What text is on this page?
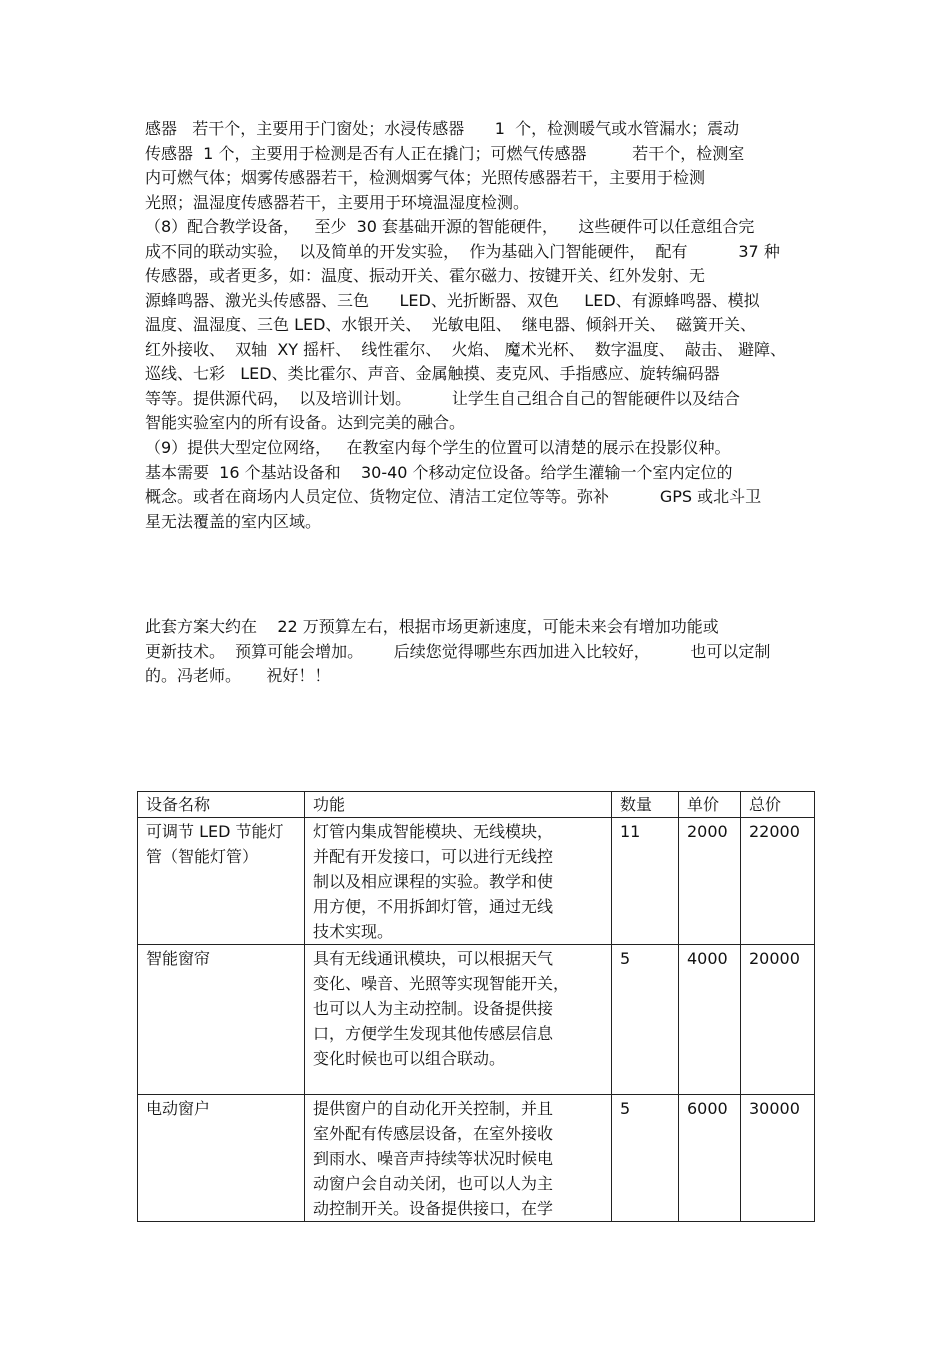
感器   若干个，主要用于门窗处；水浸传感器      1  个，检测暖气或水管漏水；震动
传感器  1 个，主要用于检测是否有人正在撬门；可燃气传感器         若干个，检测室
内可燃气体；烟雾传感器若干，检测烟雾气体；光照传感器若干，主要用于检测
光照；温湿度传感器若干，主要用于环境温湿度检测。
（8）配合教学设备，   至少  30 套基础开源的智能硬件，    这些硬件可以任意组合完
成不同的联动实验，  以及简单的开发实验，  作为基础入门智能硬件，  配有          37 种
传感器，或者更多，如：温度、振动开关、霍尔磁力、按键开关、红外发射、无
源蜂鸣器、激光头传感器、三色      LED、光折断器、双色     LED、有源蜂鸣器、模拟
温度、温湿度、三色 LED、水银开关、  光敏电阻、  继电器、倾斜开关、  磁簧开关、
红外接收、  双轴  XY 摇杆、  线性霍尔、  火焰、 魔术光杯、  数字温度、  敲击、 避障、
巡线、七彩   LED、类比霍尔、声音、金属触摸、麦克风、手指感应、旋转编码器
等等。提供源代码，  以及培训计划。        让学生自己组合自己的智能硬件以及结合
智能实验室内的所有设备。达到完美的融合。
（9）提供大型定位网络，   在教室内每个学生的位置可以清楚的展示在投影仪种。
基本需要  16 个基站设备和    30-40 个移动定位设备。给学生灌输一个室内定位的
概念。或者在商场内人员定位、货物定位、清洁工定位等等。弥补          GPS 或北斗卫
星无法覆盖的室内区域。
此套方案大约在    22 万预算左右，根据市场更新速度，可能未来会有增加功能或
更新技术。  预算可能会增加。      后续您觉得哪些东西加进入比较好，        也可以定制
的。冯老师。     祝好！！
设备名称	功能	数量	单价	总价

可调节 LED 节能灯
管（智能灯管）	灯管内集成智能模块、无线模块，
并配有开发接口，可以进行无线控
制以及相应课程的实验。教学和使
用方便，不用拆卸灯管，通过无线
技术实现。	11	2000	22000

智能窗帘	具有无线通讯模块，可以根据天气
变化、噪音、光照等实现智能开关，
也可以人为主动控制。设备提供接
口，方便学生发现其他传感层信息
变化时候也可以组合联动。	5	4000	20000

电动窗户	提供窗户的自动化开关控制，并且
室外配有传感层设备，在室外接收
到雨水、噪音声持续等状况时候电
动窗户会自动关闭，也可以人为主
动控制开关。设备提供接口，在学	5	6000	30000
